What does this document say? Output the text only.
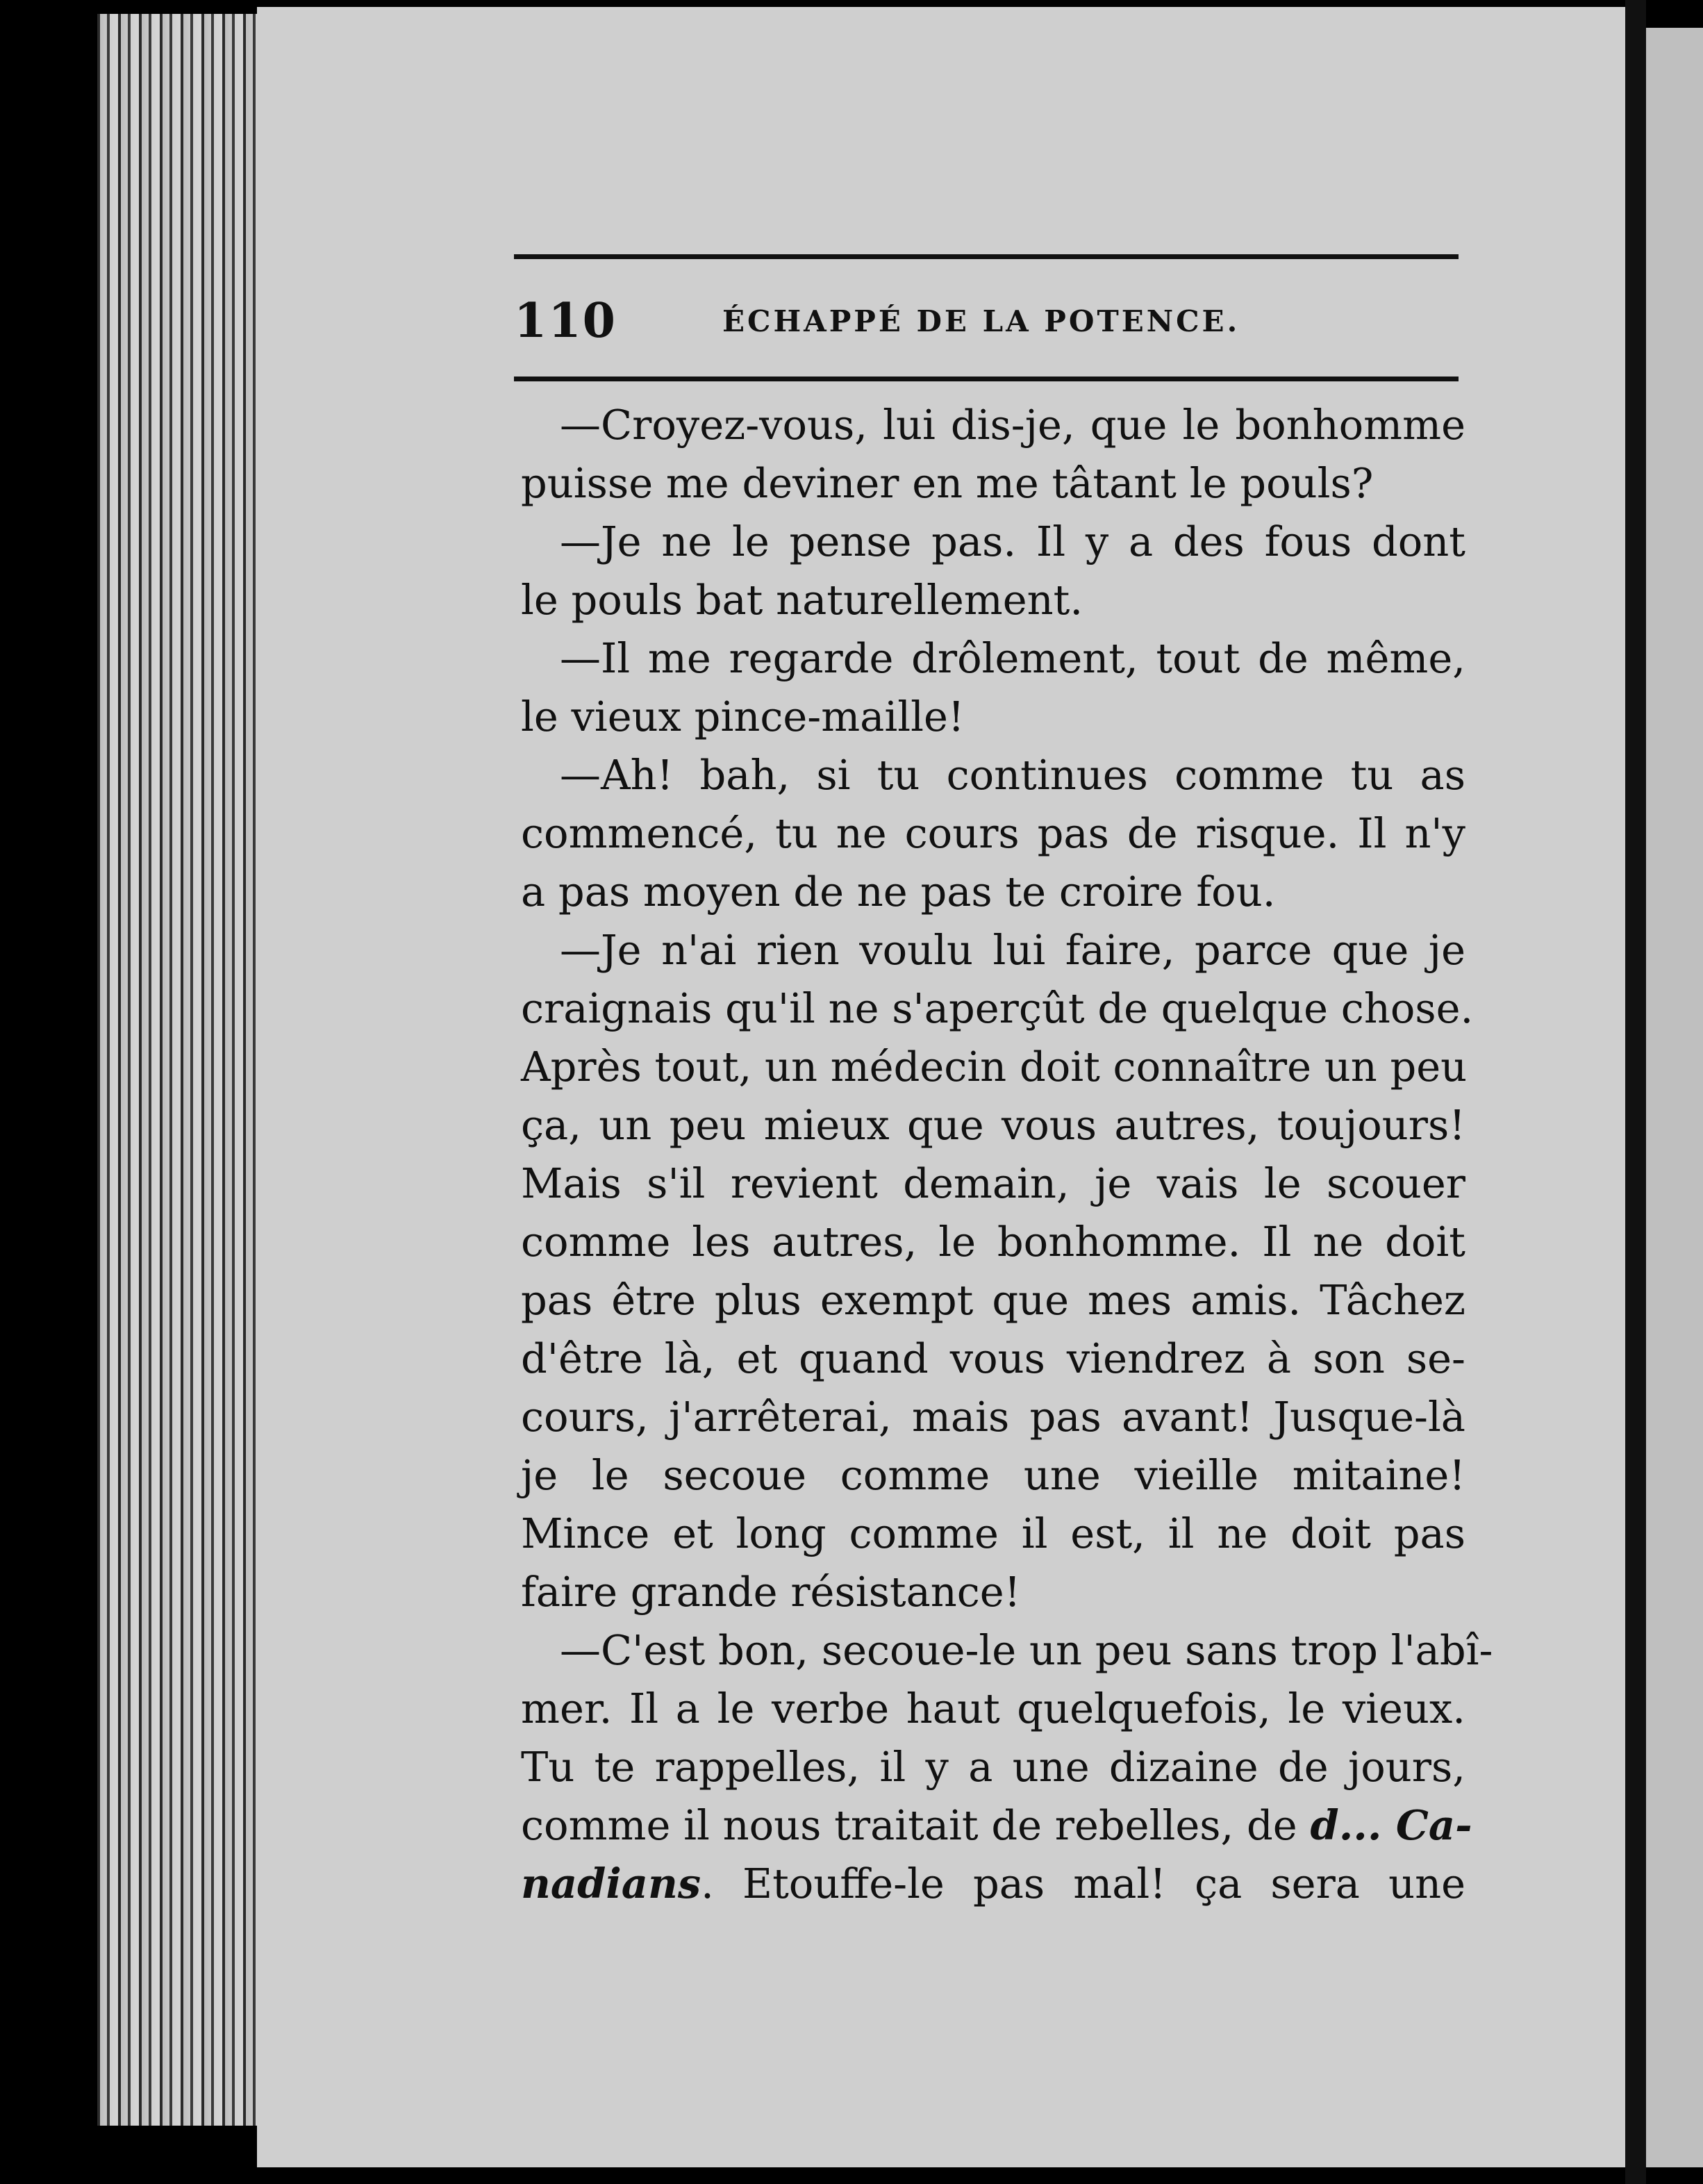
110	ÉCHAPPÉ DE LA POTENCE.
—Croyez-vous, lui dis-je, que le bonhomme
puisse me deviner en me tâtant le pouls?
—Je ne le pense pas. Il y a des fous dont
le pouls bat naturellement.
—Il me regarde drôlement, tout de même,
le vieux pince-maille!
—Ah! bah, si tu continues comme tu as
commencé, tu ne cours pas de risque. Il n'y
a pas moyen de ne pas te croire fou.
—Je n'ai rien voulu lui faire, parce que je
craignais qu'il ne s'aperçût de quelque chose.
Après tout, un médecin doit connaître un peu
ça, un peu mieux que vous autres, toujours!
Mais s'il revient demain, je vais le scouer
comme les autres, le bonhomme. Il ne doit
pas être plus exempt que mes amis. Tâchez
d'être là, et quand vous viendrez à son se-
cours, j'arrêterai, mais pas avant! Jusque-là
je le secoue comme une vieille mitaine!
Mince et long comme il est, il ne doit pas
faire grande résistance!
—C'est bon, secoue-le un peu sans trop l'abî-
mer. Il a le verbe haut quelquefois, le vieux.
Tu te rappelles, il y a une dizaine de jours,
comme il nous traitait de rebelles, de d... Ca-
nadians. Etouffe-le pas mal! ça sera une
